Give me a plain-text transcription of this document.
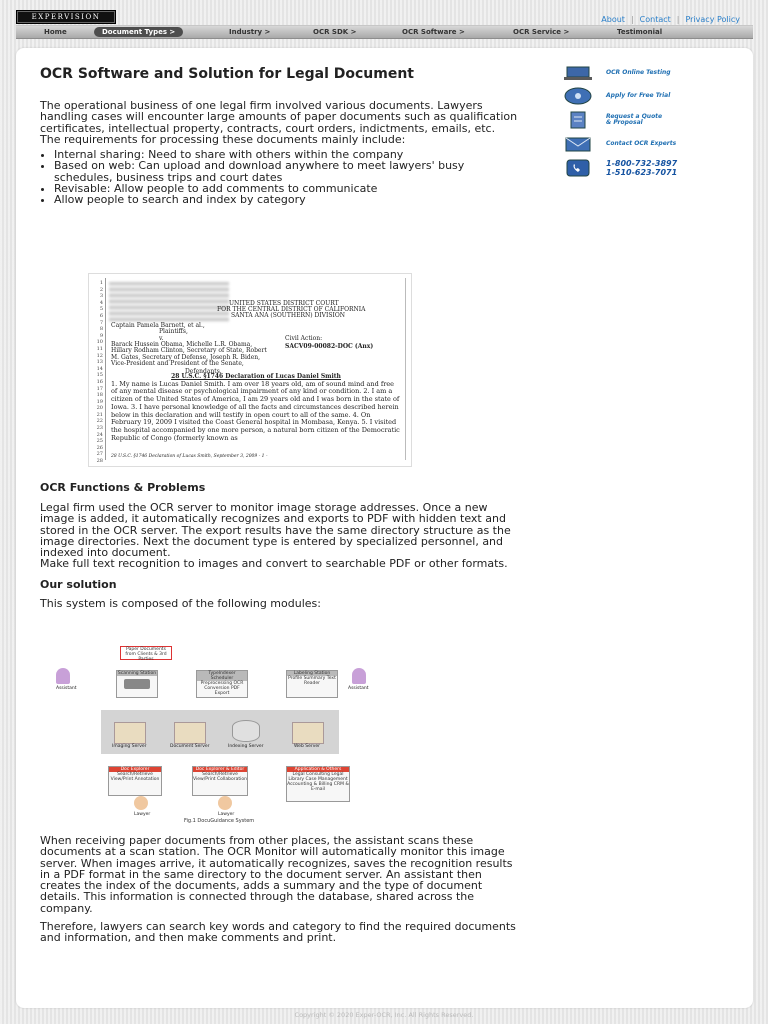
EXPERVISION	About | Contact | Privacy Policy
Home	Document Types >	Industry >	OCR SDK >	OCR Software >	OCR Service >	Testimonial
OCR Software and Solution for Legal Document

The operational business of one legal firm involved various documents. Lawyers handling cases will encounter large amounts of paper documents such as qualification certificates, intellectual property, contracts, court orders, indictments, emails, etc. The requirements for processing these documents mainly include:

• Internal sharing: Need to share with others within the company
• Based on web: Can upload and download anywhere to meet lawyers' busy schedules, business trips and court dates
• Revisable: Allow people to add comments to communicate
• Allow people to search and index by category
1
2
3
4
5
6
7
8
9
10
11
12
13
14
15
16
17
18
19
20
21
22
23
24
25
26
27
28
UNITED STATES DISTRICT COURT
FOR THE CENTRAL DISTRICT OF CALIFORNIA
SANTA ANA (SOUTHERN) DIVISION
Captain Pamela Barnett, et al.,
Plaintiffs,
v.	Civil Action:
SACV09-00082-DOC (Anx)
Barack Hussein Obama, Michelle L.R. Obama, Hillary Rodham Clinton, Secretary of State, Robert M. Gates, Secretary of Defense, Joseph R. Biden, Vice-President and President of the Senate,
Defendants.
28 U.S.C. §1746 Declaration of Lucas Daniel Smith
1. My name is Lucas Daniel Smith. I am over 18 years old, am of sound mind and free of any mental disease or psychological impairment of any kind or condition. 2. I am a citizen of the United States of America, I am 29 years old and I was born in the state of Iowa. 3. I have personal knowledge of all the facts and circumstances described herein below in this declaration and will testify in open court to all of the same. 4. On February 19, 2009 I visited the Coast General hospital in Mombasa, Kenya. 5. I visited the hospital accompanied by one more person, a natural born citizen of the Democratic Republic of Congo (formerly known as
28 U.S.C. §1746 Declaration of Lucas Smith, September 3, 2009 - 1 -
OCR Functions & Problems

Legal firm used the OCR server to monitor image storage addresses. Once a new image is added, it automatically recognizes and exports to PDF with hidden text and stored in the OCR server. The export results have the same directory structure as the image directories. Next the document type is entered by specialized personnel, and indexed into document.

Make full text recognition to images and convert to searchable PDF or other formats.

Our solution

This system is composed of the following modules:

Paper Documents from Clients & 3rd Parties
Assistant	Assistant
Scanning Station	TypeIndexer Scheduler
Preprocessing OCR Conversion PDF Export
Labeling Station
Profile Summary Text Reader
Imaging Server	Document Server	Indexing Server	Web Server
Doc Explorer
Search/Retrieve View/Print Annotation
Doc Explorer & Editor
Search/Retrieve View/Print Collaboration
Application & Others
Legal Consulting Legal Library Case Management Accounting & Billing CRM & E-mail
Lawyer	Lawyer
Fig.1 DocuGuidance System

When receiving paper documents from other places, the assistant scans these documents at a scan station. The OCR Monitor will automatically monitor this image server. When images arrive, it automatically recognizes, saves the recognition results in a PDF format in the same directory to the document server. An assistant then creates the index of the documents, adds a summary and the type of document details. This information is connected through the database, shared across the company.

Therefore, lawyers can search key words and category to find the required documents and information, and then make comments and print.

OCR Online Testing
Apply for Free Trial
Request a Quote
& Proposal
Contact OCR Experts
1-800-732-3897
1-510-623-7071
Copyright © 2020 Exper-OCR, Inc. All Rights Reserved.
